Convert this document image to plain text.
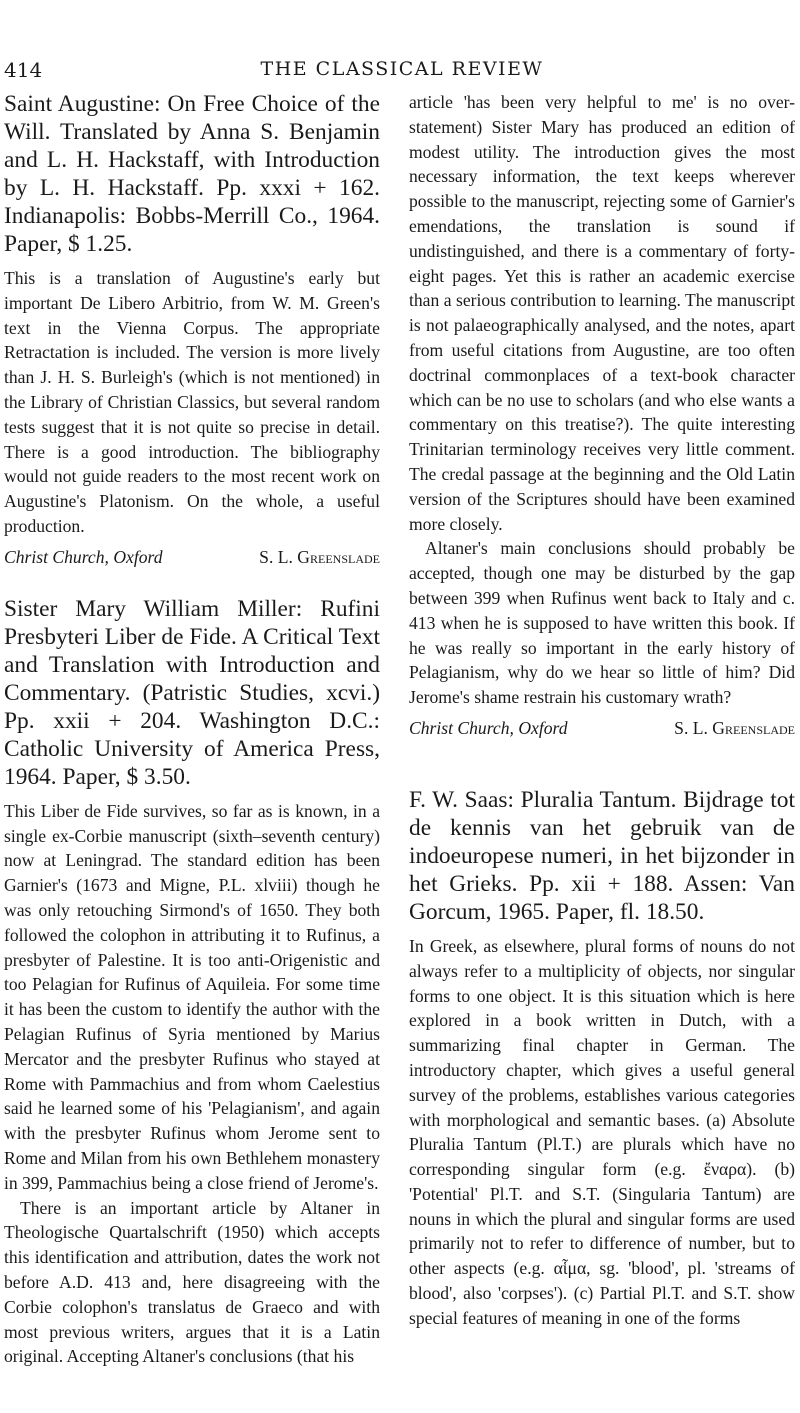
414	THE CLASSICAL REVIEW

Saint Augustine: On Free Choice of the Will. Translated by Anna S. Benjamin and L. H. Hackstaff, with Introduction by L. H. Hackstaff. Pp. xxxi + 162. Indianapolis: Bobbs-Merrill Co., 1964. Paper, $ 1.25.

This is a translation of Augustine's early but important De Libero Arbitrio, from W. M. Green's text in the Vienna Corpus. The appropriate Retractation is included. The version is more lively than J. H. S. Burleigh's (which is not mentioned) in the Library of Christian Classics, but several random tests suggest that it is not quite so precise in detail. There is a good introduction. The bibliography would not guide readers to the most recent work on Augustine's Platonism. On the whole, a useful production.

Christ Church, Oxford	S. L. Greenslade

Sister Mary William Miller: Rufini Presbyteri Liber de Fide. A Critical Text and Translation with Introduction and Commentary. (Patristic Studies, xcvi.) Pp. xxii + 204. Washington D.C.: Catholic University of America Press, 1964. Paper, $ 3.50.

This Liber de Fide survives, so far as is known, in a single ex-Corbie manuscript (sixth–seventh century) now at Leningrad. The standard edition has been Garnier's (1673 and Migne, P.L. xlviii) though he was only retouching Sirmond's of 1650. They both followed the colophon in attributing it to Rufinus, a presbyter of Palestine. It is too anti-Origenistic and too Pelagian for Rufinus of Aquileia. For some time it has been the custom to identify the author with the Pelagian Rufinus of Syria mentioned by Marius Mercator and the presbyter Rufinus who stayed at Rome with Pammachius and from whom Caelestius said he learned some of his 'Pelagianism', and again with the presbyter Rufinus whom Jerome sent to Rome and Milan from his own Bethlehem monastery in 399, Pammachius being a close friend of Jerome's.

There is an important article by Altaner in Theologische Quartalschrift (1950) which accepts this identification and attribution, dates the work not before A.D. 413 and, here disagreeing with the Corbie colophon's translatus de Graeco and with most previous writers, argues that it is a Latin original. Accepting Altaner's conclusions (that his

article 'has been very helpful to me' is no over-statement) Sister Mary has produced an edition of modest utility. The introduction gives the most necessary information, the text keeps wherever possible to the manuscript, rejecting some of Garnier's emendations, the translation is sound if undistinguished, and there is a commentary of forty-eight pages. Yet this is rather an academic exercise than a serious contribution to learning. The manuscript is not palaeographically analysed, and the notes, apart from useful citations from Augustine, are too often doctrinal commonplaces of a text-book character which can be no use to scholars (and who else wants a commentary on this treatise?). The quite interesting Trinitarian terminology receives very little comment. The credal passage at the beginning and the Old Latin version of the Scriptures should have been examined more closely.

Altaner's main conclusions should probably be accepted, though one may be disturbed by the gap between 399 when Rufinus went back to Italy and c. 413 when he is supposed to have written this book. If he was really so important in the early history of Pelagianism, why do we hear so little of him? Did Jerome's shame restrain his customary wrath?

Christ Church, Oxford	S. L. Greenslade

F. W. Saas: Pluralia Tantum. Bijdrage tot de kennis van het gebruik van de indoeuropese numeri, in het bijzonder in het Grieks. Pp. xii + 188. Assen: Van Gorcum, 1965. Paper, fl. 18.50.

In Greek, as elsewhere, plural forms of nouns do not always refer to a multiplicity of objects, nor singular forms to one object. It is this situation which is here explored in a book written in Dutch, with a summarizing final chapter in German. The introductory chapter, which gives a useful general survey of the problems, establishes various categories with morphological and semantic bases. (a) Absolute Pluralia Tantum (Pl.T.) are plurals which have no corresponding singular form (e.g. ἔναρα). (b) 'Potential' Pl.T. and S.T. (Singularia Tantum) are nouns in which the plural and singular forms are used primarily not to refer to difference of number, but to other aspects (e.g. αἷμα, sg. 'blood', pl. 'streams of blood', also 'corpses'). (c) Partial Pl.T. and S.T. show special features of meaning in one of the forms
